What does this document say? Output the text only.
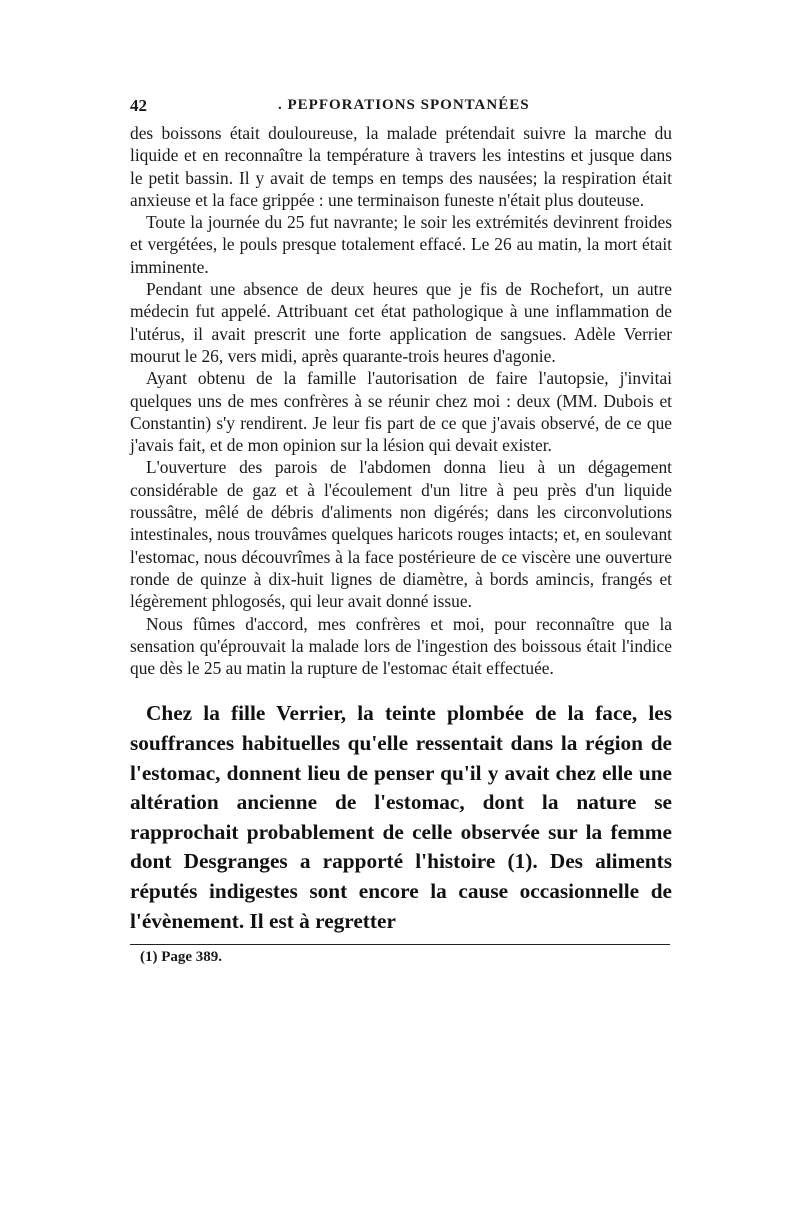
42	. PEPFORATIONS SPONTANÉES

des boissons était douloureuse, la malade prétendait suivre la marche du liquide et en reconnaître la température à travers les intestins et jusque dans le petit bassin. Il y avait de temps en temps des nausées; la respiration était anxieuse et la face grippée : une terminaison funeste n'était plus douteuse.

Toute la journée du 25 fut navrante; le soir les extrémités devinrent froides et vergétées, le pouls presque totalement effacé. Le 26 au matin, la mort était imminente.

Pendant une absence de deux heures que je fis de Rochefort, un autre médecin fut appelé. Attribuant cet état pathologique à une inflammation de l'utérus, il avait prescrit une forte application de sangsues. Adèle Verrier mourut le 26, vers midi, après quarante-trois heures d'agonie.

Ayant obtenu de la famille l'autorisation de faire l'autopsie, j'invitai quelques uns de mes confrères à se réunir chez moi : deux (MM. Dubois et Constantin) s'y rendirent. Je leur fis part de ce que j'avais observé, de ce que j'avais fait, et de mon opinion sur la lésion qui devait exister.

L'ouverture des parois de l'abdomen donna lieu à un dégagement considérable de gaz et à l'écoulement d'un litre à peu près d'un liquide roussâtre, mêlé de débris d'aliments non digérés; dans les circonvolutions intestinales, nous trouvâmes quelques haricots rouges intacts; et, en soulevant l'estomac, nous découvrîmes à la face postérieure de ce viscère une ouverture ronde de quinze à dix-huit lignes de diamètre, à bords amincis, frangés et légèrement phlogosés, qui leur avait donné issue.

Nous fûmes d'accord, mes confrères et moi, pour reconnaître que la sensation qu'éprouvait la malade lors de l'ingestion des boissous était l'indice que dès le 25 au matin la rupture de l'estomac était effectuée.

Chez la fille Verrier, la teinte plombée de la face, les souffrances habituelles qu'elle ressentait dans la région de l'estomac, donnent lieu de penser qu'il y avait chez elle une altération ancienne de l'estomac, dont la nature se rapprochait probablement de celle observée sur la femme dont Desgranges a rapporté l'histoire (1). Des aliments réputés indigestes sont encore la cause occasionnelle de l'évènement. Il est à regretter

(1) Page 389.
